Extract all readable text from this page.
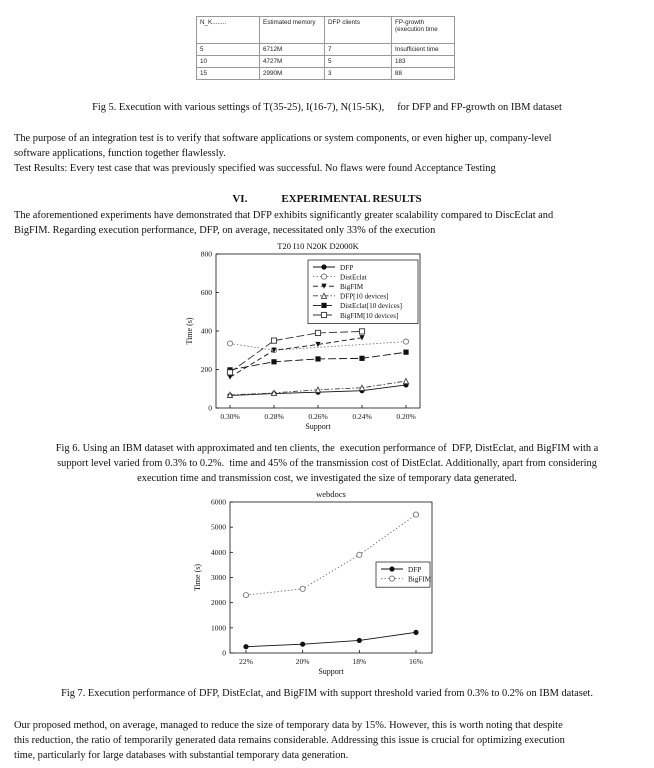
N_K........	Estimated memory	DFP clients	FP-growth
(execution time
5	6712M	7	Insufficient time
10	4727M	5	183
15	2990M	3	88
Fig 5. Execution with various settings of T(35-25), I(16-7), N(15-5K),     for DFP and FP-growth on IBM dataset
The purpose of an integration test is to verify that software applications or system components, or even higher up, company-level
software applications, function together flawlessly.
Test Results: Every test case that was previously specified was successful. No flaws were found Acceptance Testing
VI.	EXPERIMENTAL RESULTS
The aforementioned experiments have demonstrated that DFP exhibits significantly greater scalability compared to DiscEclat and
BigFIM. Regarding execution performance, DFP, on average, necessitated only 33% of the execution
T20 I10 N20K D2000K
0
200
400
600
800
0.30%	0.28%	0.26%	0.24%	0.20%
Support
Time (s)
DFP
DistEclat
BigFIM
DFP[10 devices]
DistEclat[10 devices]
BigFIM[10 devices]
Fig 6. Using an IBM dataset with approximated and ten clients, the  execution performance of  DFP, DistEclat, and BigFIM with a
support level varied from 0.3% to 0.2%.  time and 45% of the transmission cost of DistEclat. Additionally, apart from considering
execution time and transmission cost, we investigated the size of temporary data generated.
webdocs
0
1000
2000
3000
4000
5000
6000
22%	20%	18%	16%
Support
Time (s)	DFP
BigFIM
Fig 7. Execution performance of DFP, DistEclat, and BigFIM with support threshold varied from 0.3% to 0.2% on IBM dataset.
Our proposed method, on average, managed to reduce the size of temporary data by 15%. However, this is worth noting that despite
this reduction, the ratio of temporarily generated data remains considerable. Addressing this issue is crucial for optimizing execution
time, particularly for large databases with substantial temporary data generation.
